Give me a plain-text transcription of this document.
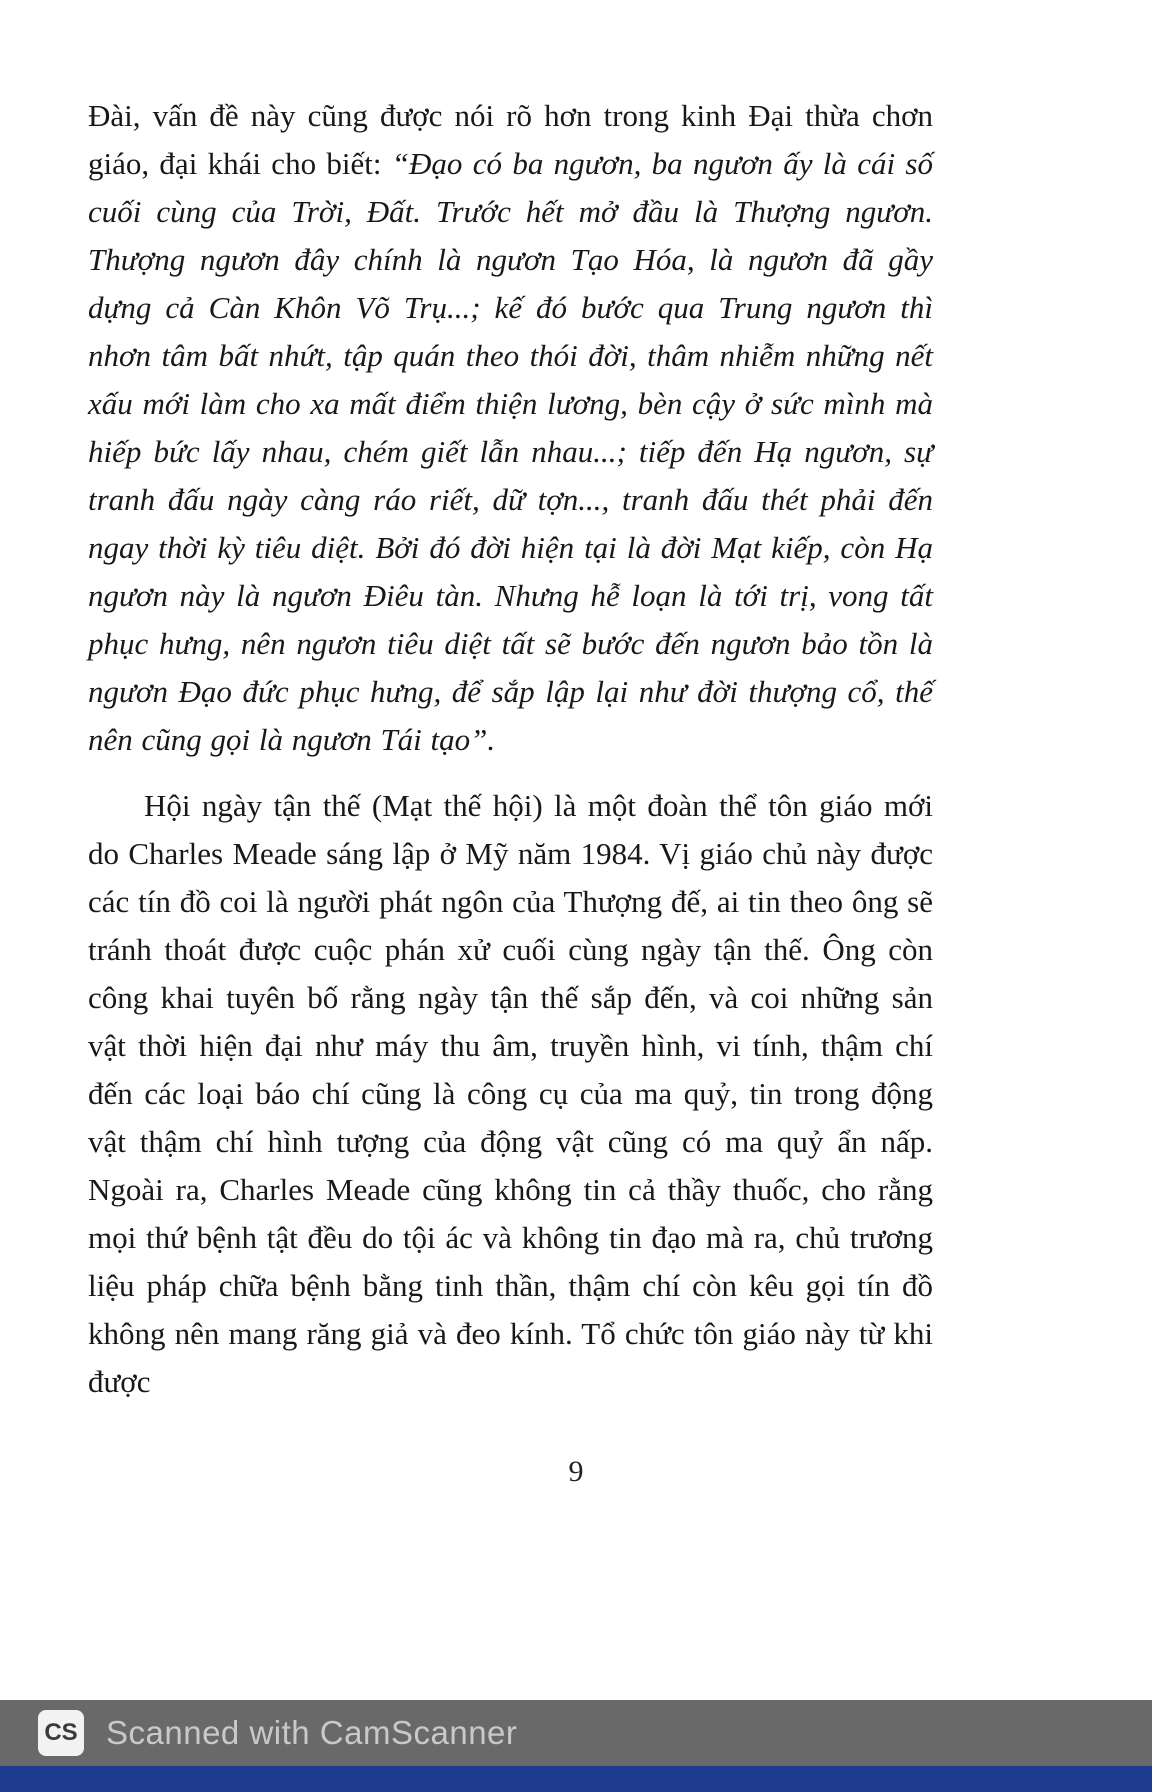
Đài, vấn đề này cũng được nói rõ hơn trong kinh Đại thừa chơn giáo, đại khái cho biết: “Đạo có ba ngươn, ba ngươn ấy là cái số cuối cùng của Trời, Đất. Trước hết mở đầu là Thượng ngươn. Thượng ngươn đây chính là ngươn Tạo Hóa, là ngươn đã gầy dựng cả Càn Khôn Võ Trụ...; kế đó bước qua Trung ngươn thì nhơn tâm bất nhứt, tập quán theo thói đời, thâm nhiễm những nết xấu mới làm cho xa mất điểm thiện lương, bèn cậy ở sức mình mà hiếp bức lấy nhau, chém giết lẫn nhau...; tiếp đến Hạ ngươn, sự tranh đấu ngày càng ráo riết, dữ tợn..., tranh đấu thét phải đến ngay thời kỳ tiêu diệt. Bởi đó đời hiện tại là đời Mạt kiếp, còn Hạ ngươn này là ngươn Điêu tàn. Nhưng hễ loạn là tới trị, vong tất phục hưng, nên ngươn tiêu diệt tất sẽ bước đến ngươn bảo tồn là ngươn Đạo đức phục hưng, để sắp lập lại như đời thượng cổ, thế nên cũng gọi là ngươn Tái tạo”.

Hội ngày tận thế (Mạt thế hội) là một đoàn thể tôn giáo mới do Charles Meade sáng lập ở Mỹ năm 1984. Vị giáo chủ này được các tín đồ coi là người phát ngôn của Thượng đế, ai tin theo ông sẽ tránh thoát được cuộc phán xử cuối cùng ngày tận thế. Ông còn công khai tuyên bố rằng ngày tận thế sắp đến, và coi những sản vật thời hiện đại như máy thu âm, truyền hình, vi tính, thậm chí đến các loại báo chí cũng là công cụ của ma quỷ, tin trong động vật thậm chí hình tượng của động vật cũng có ma quỷ ẩn nấp. Ngoài ra, Charles Meade cũng không tin cả thầy thuốc, cho rằng mọi thứ bệnh tật đều do tội ác và không tin đạo mà ra, chủ trương liệu pháp chữa bệnh bằng tinh thần, thậm chí còn kêu gọi tín đồ không nên mang răng giả và đeo kính. Tổ chức tôn giáo này từ khi được

9
CS Scanned with CamScanner
